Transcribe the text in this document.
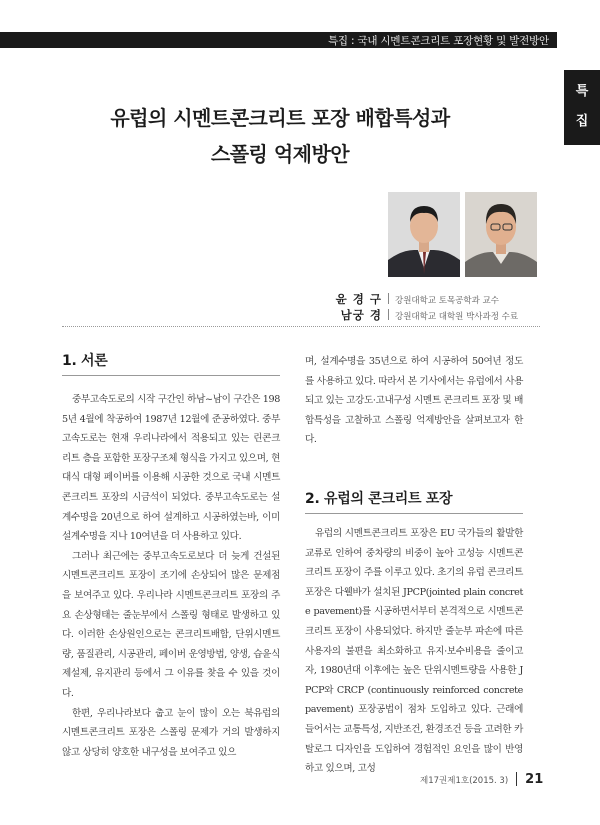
특집 : 국내 시멘트콘크리트 포장현황 및 발전방안
특
집
유럽의 시멘트콘크리트 포장 배합특성과
스폴링 억제방안
윤 경 구 강원대학교 토목공학과 교수
남궁 경 강원대학교 대학원 박사과정 수료
1. 서론

중부고속도로의 시작 구간인 하남~남이 구간은 1985년 4월에 착공하여 1987년 12월에 준공하였다. 중부고속도로는 현재 우리나라에서 적용되고 있는 린콘크리트 층을 포함한 포장구조체 형식을 가지고 있으며, 현대식 대형 페이버를 이용해 시공한 것으로 국내 시멘트콘크리트 포장의 시금석이 되었다. 중부고속도로는 설계수명을 20년으로 하여 설계하고 시공하였는바, 이미 설계수명을 지나 10여년을 더 사용하고 있다.

그러나 최근에는 중부고속도로보다 더 늦게 건설된 시멘트콘크리트 포장이 조기에 손상되어 많은 문제점을 보여주고 있다. 우리나라 시멘트콘크리트 포장의 주요 손상형태는 줄눈부에서 스폴링 형태로 발생하고 있다. 이러한 손상원인으로는 콘크리트배합, 단위시멘트량, 품질관리, 시공관리, 페이버 운영방법, 양생, 습윤식 제설제, 유지관리 등에서 그 이유를 찾을 수 있을 것이다.

한편, 우리나라보다 춥고 눈이 많이 오는 북유럽의 시멘트콘크리트 포장은 스폴링 문제가 거의 발생하지 않고 상당히 양호한 내구성을 보여주고 있으

며, 설계수명을 35년으로 하여 시공하여 50여년 정도를 사용하고 있다. 따라서 본 기사에서는 유럽에서 사용되고 있는 고강도·고내구성 시멘트 콘크리트 포장 및 배합특성을 고찰하고 스폴링 억제방안을 살펴보고자 한다.

2. 유럽의 콘크리트 포장

유럽의 시멘트콘크리트 포장은 EU 국가들의 활발한 교류로 인하여 중차량의 비중이 높아 고성능 시멘트콘크리트 포장이 주를 이루고 있다. 초기의 유럽 콘크리트 포장은 다웰바가 설치된 JPCP(jointed plain concrete pavement)를 시공하면서부터 본격적으로 시멘트콘크리트 포장이 사용되었다. 하지만 줄눈부 파손에 따른 사용자의 불편을 최소화하고 유지·보수비용을 줄이고자, 1980년대 이후에는 높은 단위시멘트량을 사용한 JPCP와 CRCP (continuously reinforced concrete pavement) 포장공법이 점차 도입하고 있다. 근래에 들어서는 교통특성, 지반조건, 환경조건 등을 고려한 카탈로그 디자인을 도입하여 경험적인 요인을 많이 반영하고 있으며, 고성

제17권제1호(2015. 3) 21
